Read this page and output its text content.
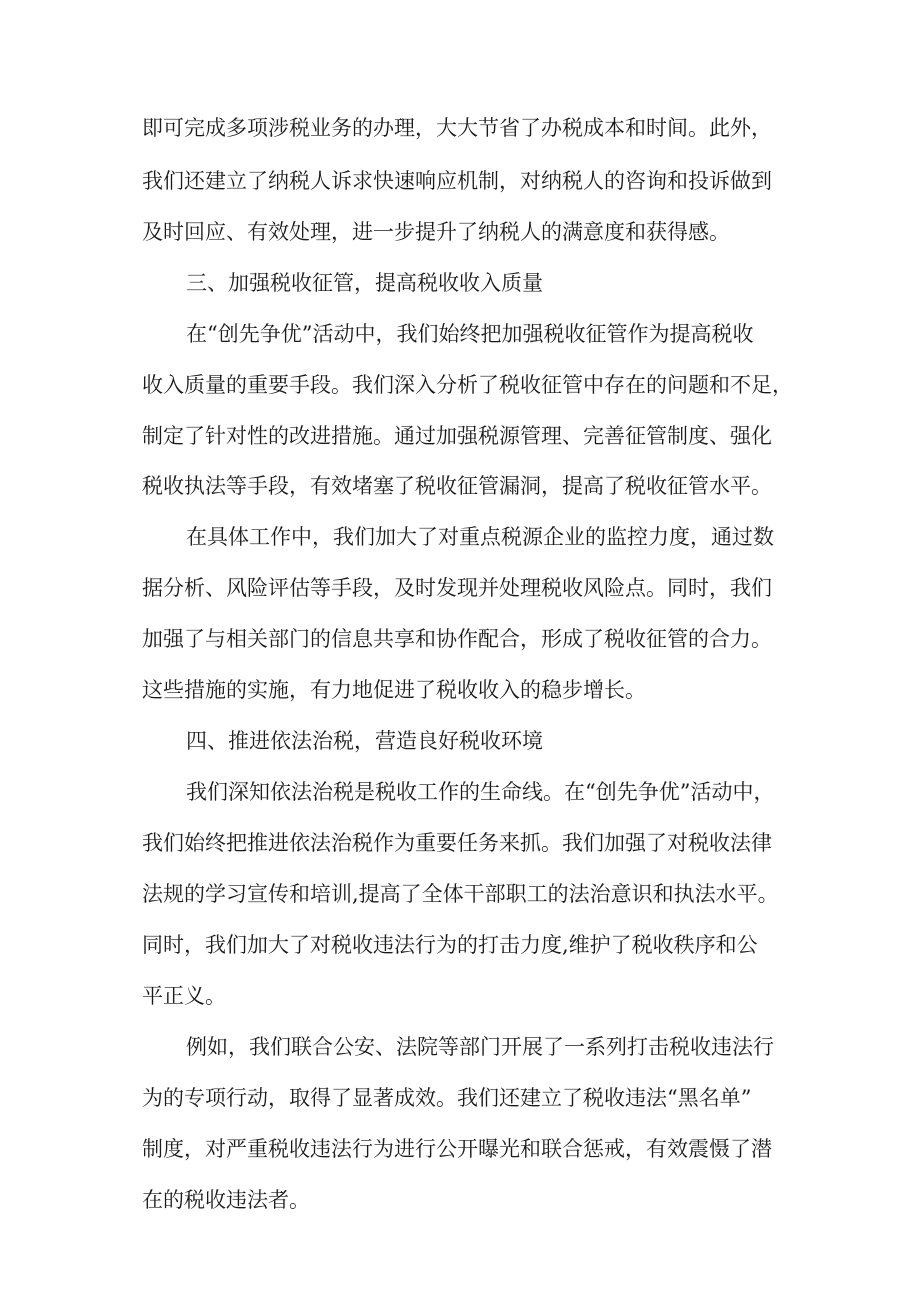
即可完成多项涉税业务的办理，大大节省了办税成本和时间。此外，
我们还建立了纳税人诉求快速响应机制，对纳税人的咨询和投诉做到
及时回应、有效处理，进一步提升了纳税人的满意度和获得感。
三、加强税收征管，提高税收收入质量
在“创先争优”活动中，我们始终把加强税收征管作为提高税收
收入质量的重要手段。我们深入分析了税收征管中存在的问题和不足，
制定了针对性的改进措施。通过加强税源管理、完善征管制度、强化
税收执法等手段，有效堵塞了税收征管漏洞，提高了税收征管水平。
在具体工作中，我们加大了对重点税源企业的监控力度，通过数
据分析、风险评估等手段，及时发现并处理税收风险点。同时，我们
加强了与相关部门的信息共享和协作配合，形成了税收征管的合力。
这些措施的实施，有力地促进了税收收入的稳步增长。
四、推进依法治税，营造良好税收环境
我们深知依法治税是税收工作的生命线。在“创先争优”活动中，
我们始终把推进依法治税作为重要任务来抓。我们加强了对税收法律
法规的学习宣传和培训,提高了全体干部职工的法治意识和执法水平。
同时，我们加大了对税收违法行为的打击力度,维护了税收秩序和公
平正义。
例如，我们联合公安、法院等部门开展了一系列打击税收违法行
为的专项行动，取得了显著成效。我们还建立了税收违法“黑名单”
制度，对严重税收违法行为进行公开曝光和联合惩戒，有效震慑了潜
在的税收违法者。
